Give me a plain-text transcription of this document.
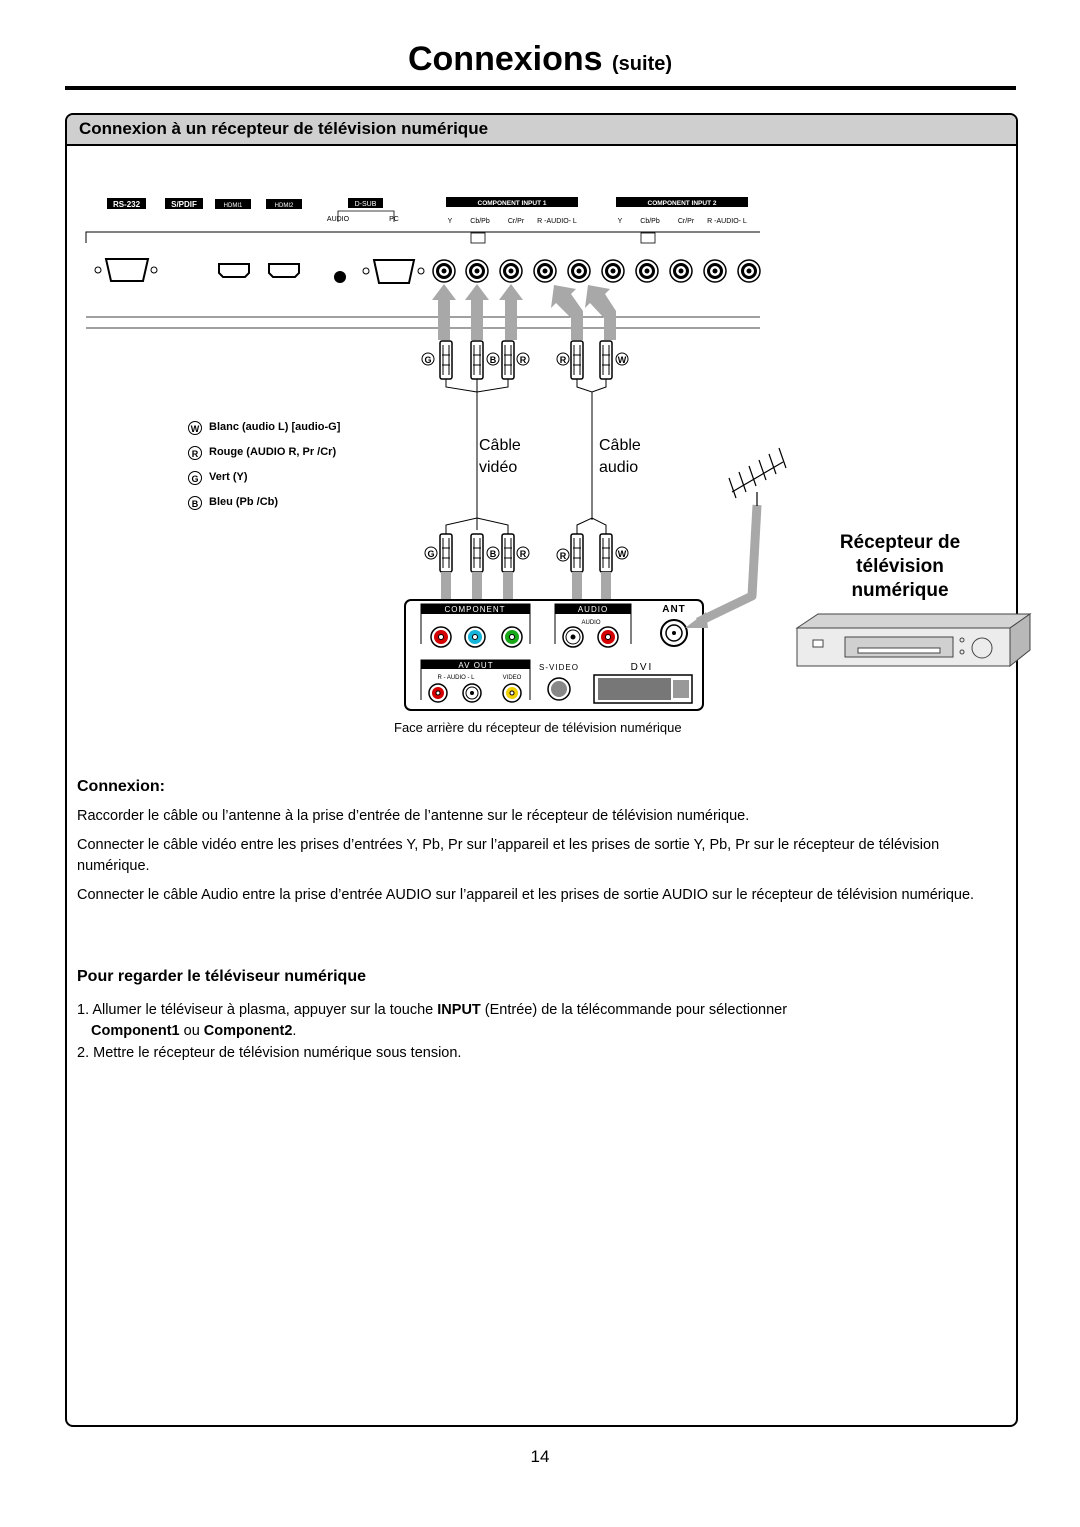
Connexions (suite)
Connexion à un récepteur de télévision numérique
RS-232	S/PDIF	HDMI1	HDMI2	D-SUB
AUDIO	PC
COMPONENT INPUT 1	COMPONENT INPUT 2
Y	Cb/Pb	Cr/Pr R -AUDIO- L	Y	Cb/Pb	Cr/Pr R -AUDIO- L
G	B	R	R	W
G	B	R	R	W
COMPONENT	AUDIO
AUDIO
ANT
AV OUT
R - AUDIO - L	VIDEO
S-VIDEO	DVI
W
R
G
B
Blanc (audio L) [audio-G]
Rouge (AUDIO R, Pr /Cr)
Vert (Y)
Bleu (Pb /Cb)
Câble
vidéo
Câble
audio
Récepteur de
télévision
numérique
Face arrière du récepteur de télévision numérique
Connexion:
Raccorder le câble ou l’antenne à la prise d’entrée de l’antenne sur le récepteur de télévision numérique.
Connecter le câble vidéo entre les prises d’entrées Y, Pb, Pr sur l’appareil et les prises de sortie Y, Pb, Pr sur le récepteur de télévision numérique.
Connecter le câble Audio entre la prise d’entrée AUDIO sur l’appareil et les prises de sortie AUDIO sur le récepteur de télévision numérique.
Pour regarder le téléviseur numérique
1. Allumer le téléviseur à plasma, appuyer sur la touche INPUT (Entrée) de la télécommande pour sélectionner
Component1 ou Component2.
2. Mettre le récepteur de télévision numérique sous tension.
14
